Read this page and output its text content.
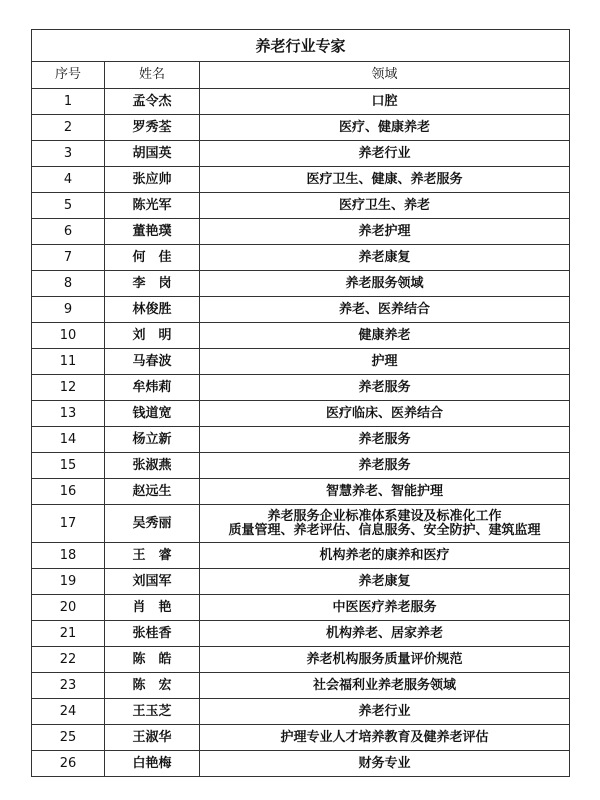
养老行业专家		
序号	姓名	领域
1	孟令杰	口腔

2	罗秀荃	医疗、健康养老

3	胡国英	养老行业

4	张应帅	医疗卫生、健康、养老服务

5	陈光军	医疗卫生、养老

6	董艳璞	养老护理

7	何　佳	养老康复

8	李　岗	养老服务领域

9	林俊胜	养老、医养结合

10	刘　明	健康养老

11	马春波	护理

12	牟炜莉	养老服务

13	钱道宽	医疗临床、医养结合

14	杨立新	养老服务

15	张淑燕	养老服务

16	赵远生	智慧养老、智能护理

17	吴秀丽	养老服务企业标准体系建设及标准化工作
质量管理、养老评估、信息服务、安全防护、建筑监理

18	王　睿	机构养老的康养和医疗

19	刘国军	养老康复

20	肖　艳	中医医疗养老服务

21	张桂香	机构养老、居家养老

22	陈　皓	养老机构服务质量评价规范

23	陈　宏	社会福利业养老服务领域

24	王玉芝	养老行业

25	王淑华	护理专业人才培养教育及健养老评估

26	白艳梅	财务专业
